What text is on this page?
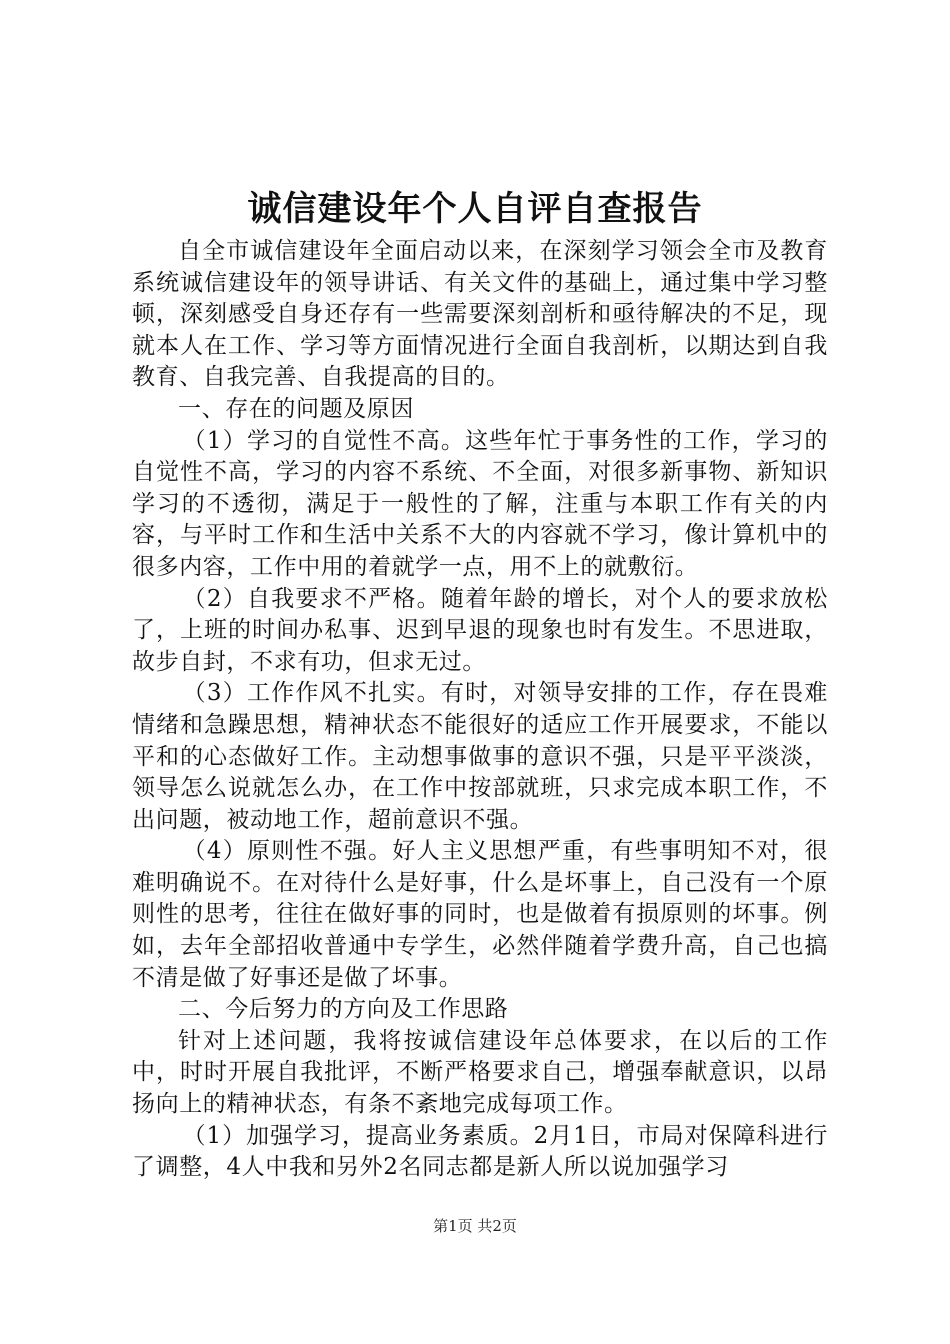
诚信建设年个人自评自查报告

自全市诚信建设年全面启动以来，在深刻学习领会全市及教育系统诚信建设年的领导讲话、有关文件的基础上，通过集中学习整顿，深刻感受自身还存有一些需要深刻剖析和亟待解决的不足，现就本人在工作、学习等方面情况进行全面自我剖析，以期达到自我教育、自我完善、自我提高的目的。

一、存在的问题及原因

（1）学习的自觉性不高。这些年忙于事务性的工作，学习的自觉性不高，学习的内容不系统、不全面，对很多新事物、新知识学习的不透彻，满足于一般性的了解，注重与本职工作有关的内容，与平时工作和生活中关系不大的内容就不学习，像计算机中的很多内容，工作中用的着就学一点，用不上的就敷衍。

（2）自我要求不严格。随着年龄的增长，对个人的要求放松了，上班的时间办私事、迟到早退的现象也时有发生。不思进取，故步自封，不求有功，但求无过。

（3）工作作风不扎实。有时，对领导安排的工作，存在畏难情绪和急躁思想，精神状态不能很好的适应工作开展要求，不能以平和的心态做好工作。主动想事做事的意识不强，只是平平淡淡，领导怎么说就怎么办，在工作中按部就班，只求完成本职工作，不出问题，被动地工作，超前意识不强。

（4）原则性不强。好人主义思想严重，有些事明知不对，很难明确说不。在对待什么是好事，什么是坏事上，自己没有一个原则性的思考，往往在做好事的同时，也是做着有损原则的坏事。例如，去年全部招收普通中专学生，必然伴随着学费升高，自己也搞不清是做了好事还是做了坏事。

二、今后努力的方向及工作思路

针对上述问题，我将按诚信建设年总体要求，在以后的工作中，时时开展自我批评，不断严格要求自己，增强奉献意识，以昂扬向上的精神状态，有条不紊地完成每项工作。

（1）加强学习，提高业务素质。2月1日，市局对保障科进行了调整，4人中我和另外2名同志都是新人所以说加强学习

第1页 共2页
